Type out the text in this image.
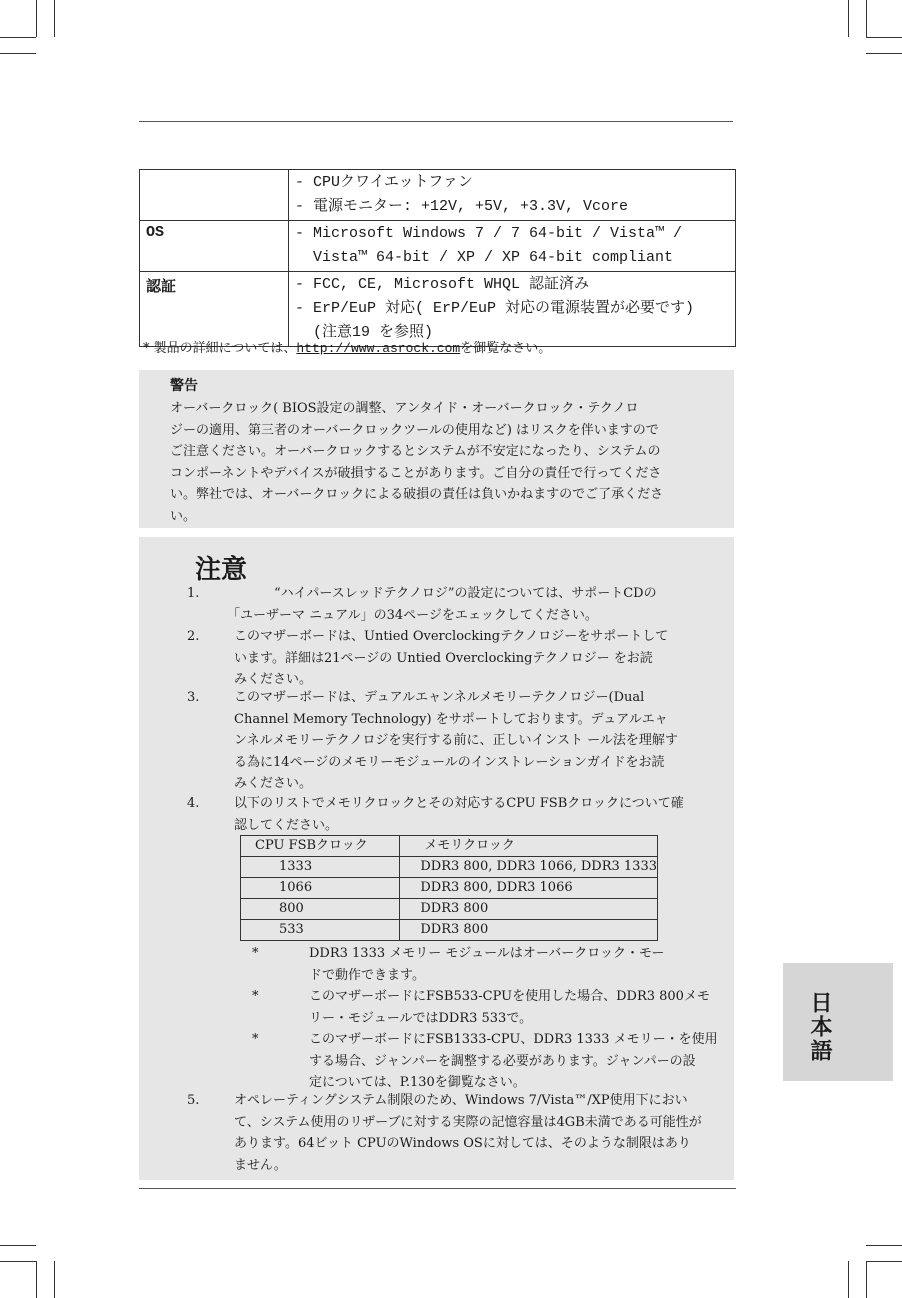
	- CPUクワイエットファン
- 電源モニター: +12V, +5V, +3.3V, Vcore

OS	- Microsoft Windows 7 / 7 64-bit / Vista™ /
Vista™ 64-bit / XP / XP 64-bit compliant

認証	- FCC, CE, Microsoft WHQL 認証済み
- ErP/EuP 対応( ErP/EuP 対応の電源装置が必要です)
(注意19 を参照)
* 製品の詳細については、http://www.asrock.comを御覧なさい。
警告
オーバークロック( BIOS設定の調整、アンタイド・オーバークロック・テクノロ
ジーの適用、第三者のオーバークロックツールの使用など) はリスクを伴いますので
ご注意ください。オーバークロックするとシステムが不安定になったり、システムの
コンポーネントやデバイスが破損することがあります。ご自分の責任で行ってくださ
い。弊社では、オーバークロックによる破損の責任は負いかねますのでご了承くださ
い。
注意
1.	“ハイパースレッドテクノロジ”の設定については、サポートCDの
「ユーザーマ ニュアル」の34ページをエェックしてください。
2.	このマザーボードは、Untied Overclockingテクノロジーをサポートして
います。詳細は21ページの Untied Overclockingテクノロジー をお読
みください。
3.	このマザーボードは、デュアルエャンネルメモリーテクノロジー(Dual
Channel Memory Technology) をサポートしております。デュアルエャ
ンネルメモリーテクノロジを実行する前に、正しいインスト ール法を理解す
る為に14ページのメモリーモジュールのインストレーションガイドをお読
みください。
4.	以下のリストでメモリクロックとその対応するCPU FSBクロックについて確
認してください。
*	DDR3 1333 メモリー モジュールはオーバークロック・モー
ドで動作できます。
*	このマザーボードにFSB533-CPUを使用した場合、DDR3 800メモ
リー・モジュールではDDR3 533で。
*	このマザーボードにFSB1333-CPU、DDR3 1333 メモリー・を使用
する場合、ジャンパーを調整する必要があります。ジャンパーの設
定については、P.130を御覧なさい。
5.	オペレーティングシステム制限のため、Windows 7/Vista™/XP使用下におい
て、システム使用のリザーブに対する実際の記憶容量は4GB未満である可能性が
あります。64ビット CPUのWindows OSに対しては、そのような制限はあり
ません。
CPU FSBクロック	メモリクロック
1333	DDR3 800, DDR3 1066, DDR3 1333
1066	DDR3 800, DDR3 1066
800	DDR3 800
533	DDR3 800
日本語
